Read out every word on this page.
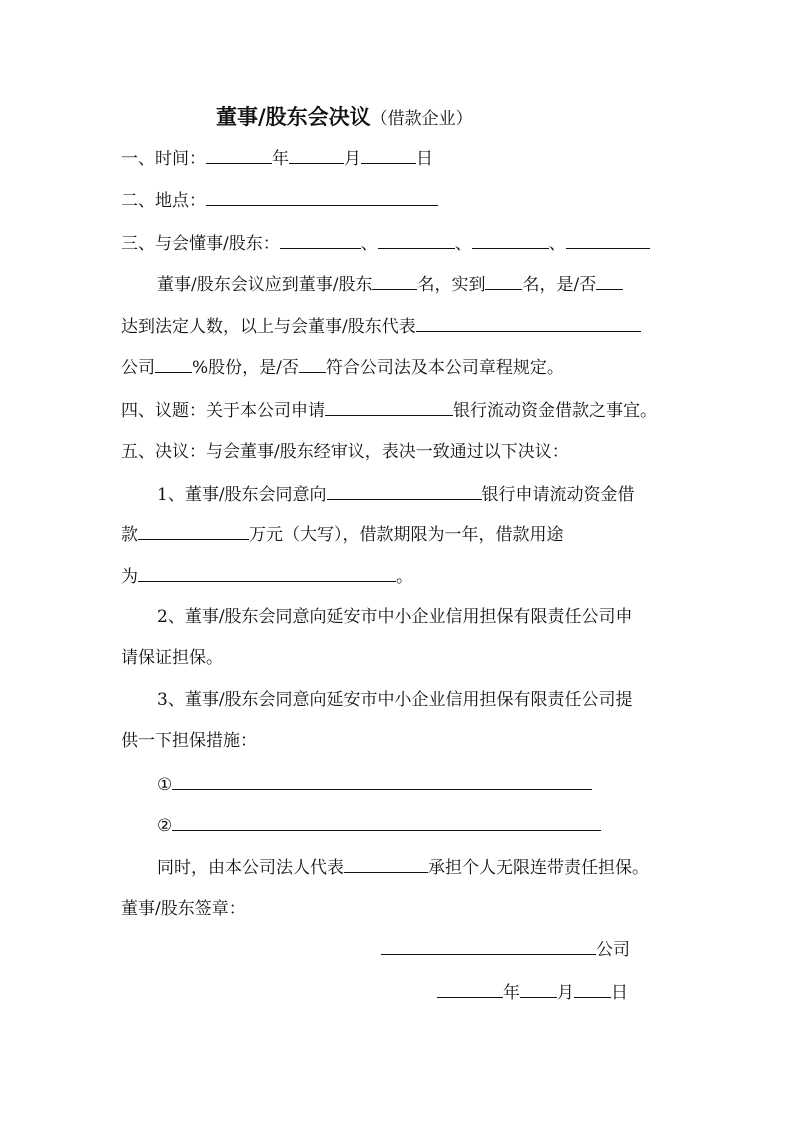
董事/股东会决议（借款企业）
一、时间：	年	月	日
二、地点：
三、与会懂事/股东：	、	、	、
董事/股东会议应到董事/股东	名，实到 名，是/否
达到法定人数，以上与会董事/股东代表
公司 %股份，是/否 符合公司法及本公司章程规定。
四、议题：关于本公司申请	银行流动资金借款之事宜。
五、决议：与会董事/股东经审议，表决一致通过以下决议：
1、董事/股东会同意向	银行申请流动资金借
款	万元（大写），借款期限为一年，借款用途
为	。
2、董事/股东会同意向延安市中小企业信用担保有限责任公司申
请保证担保。
3、董事/股东会同意向延安市中小企业信用担保有限责任公司提
供一下担保措施：
①
②
同时，由本公司法人代表	承担个人无限连带责任担保。
董事/股东签章：
公司
年 月 日
